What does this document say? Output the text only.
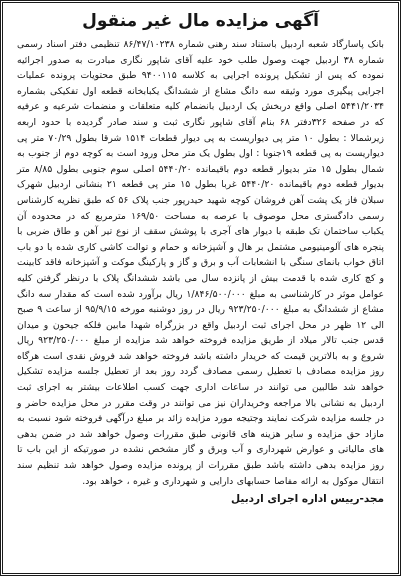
آگهی مزایده مال غیر منقول

بانک پاسارگاد شعبه اردبیل باستناد سند رهنی شماره ۸۶/۴۷/۱۰۲۳۸ تنظیمی دفتر اسناد رسمی شماره ۳۸ اردبیل جهت وصول طلب خود علیه آقای شاپور نگاری مبادرت به صدور اجرائیه نموده که پس از تشکیل پرونده اجرایی به کلاسه ۹۴۰۰۱۱۵ طبق محتویات پرونده عملیات اجرایی پیگیری مورد وثیقه سه دانگ مشاع از ششدانگ یکبابخانه قطعه اول تفکیکی بشماره ۵۴۴۱/۲۰۳۴ اصلی واقع دربخش یک اردبیل بانضمام کلیه متعلقات و منضمات شرعیه و عرفیه که در صفحه ۳۲۶دفتر ۶۸ بنام آقای شاپور نگاری ثبت و سند صادر گردیده با حدود اربعه زیرشمالا : بطول ۱۰ متر پی دیواریست به پی دیوار قطعات ۱۵۱۴ شرقا بطول ۷۰/۲۹ متر پی دیواریست به پی قطعه ۱۹جنوبا : اول بطول یک متر محل ورود است به کوچه دوم از جنوب به شمال بطول ۱۵ متر بدیوار قطعه دوم باقیمانده ۵۴۴۰/۲۰ اصلی سوم جنوبی بطول ۸/۸۵ متر بدیوار قطعه دوم باقیمانده ۵۴۴۰/۲۰ غربا بطول ۱۵ متر پی قطعه ۲۱ بنشانی اردبیل شهرک سبلان فاز یک پشت آهن فروشان کوچه شهید حیدرپور جنب پلاک ۵۶ که طبق نظریه کارشناس رسمی دادگستری محل موصوف با عرصه به مساحت ۱۶۹/۵۰ مترمربع که در محدوده آن یکباب ساختمان تک طبقه با دیوار های آجری با پوشش سقف از نوع تیر آهن و طاق ضربی با پنجره های آلومینیومی مشتمل بر هال و آشپزخانه و حمام و توالت کاشی کاری شده با دو باب اتاق خواب بانمای سنگی با انشعابات آب و برق و گاز و پارکینگ موکت و آشپزخانه فاقد کابینت و کچ کاری شده با قدمت بیش از پانزده سال می باشد ششدانگ پلاک با درنظر گرفتن کلیه عوامل موثر در کارشناسی به مبلغ ۱/۸۴۶/۵۰۰/۰۰۰ ریال برآورد شده است که مقدار سه دانگ مشاع از ششدانگ به مبلغ ۹۲۳/۲۵۰/۰۰۰ ریال در روز دوشنبه مورخه ۹۵/۹/۱۵ از ساعت ۹ صبح الی ۱۲ ظهر در محل اجرای ثبت اردبیل واقع در بزرگراه شهدا مابین فلکه جیحون و میدان قدس جنب تالار میلاد از طریق مزایده فروخته خواهد شد مزایده از مبلغ ۹۲۳/۲۵۰/۰۰۰ ریال شروع و به بالاترین قیمت که خریدار داشته باشد فروخته خواهد شد فروش نقدی است هرگاه روز مزایده مصادف با تعطیل رسمی مصادف گردد روز بعد از تعطیل جلسه مزایده تشکیل خواهد شد طالبین می توانند در ساعات اداری جهت کسب اطلاعات بیشتر به اجرای ثبت اردبیل به نشانی بالا مراجعه وخریداران نیز می توانند در وقت مقرر در محل مزایده حاضر و در جلسه مزایده شرکت نمایند وجتیجه مورد مزایده زائد بر مبلغ درآگهی فروخته شود نسبت به مازاد حق مزایده و سایر هزینه های قانونی طبق مقررات وصول خواهد شد در ضمن بدهی های مالیاتی و عوارض شهرداری و آب وبرق و گاز مشخص نشده در صورتیکه از این باب تا روز مزایده بدهی داشته باشد طبق مقررات از پرونده مزایده وصول خواهد شد تنظیم سند انتقال موکول به ارائه مفاصا حسابهای دارایی و شهرداری و غیره ، خواهد بود.

مجد-رییس اداره اجرای اردبیل
